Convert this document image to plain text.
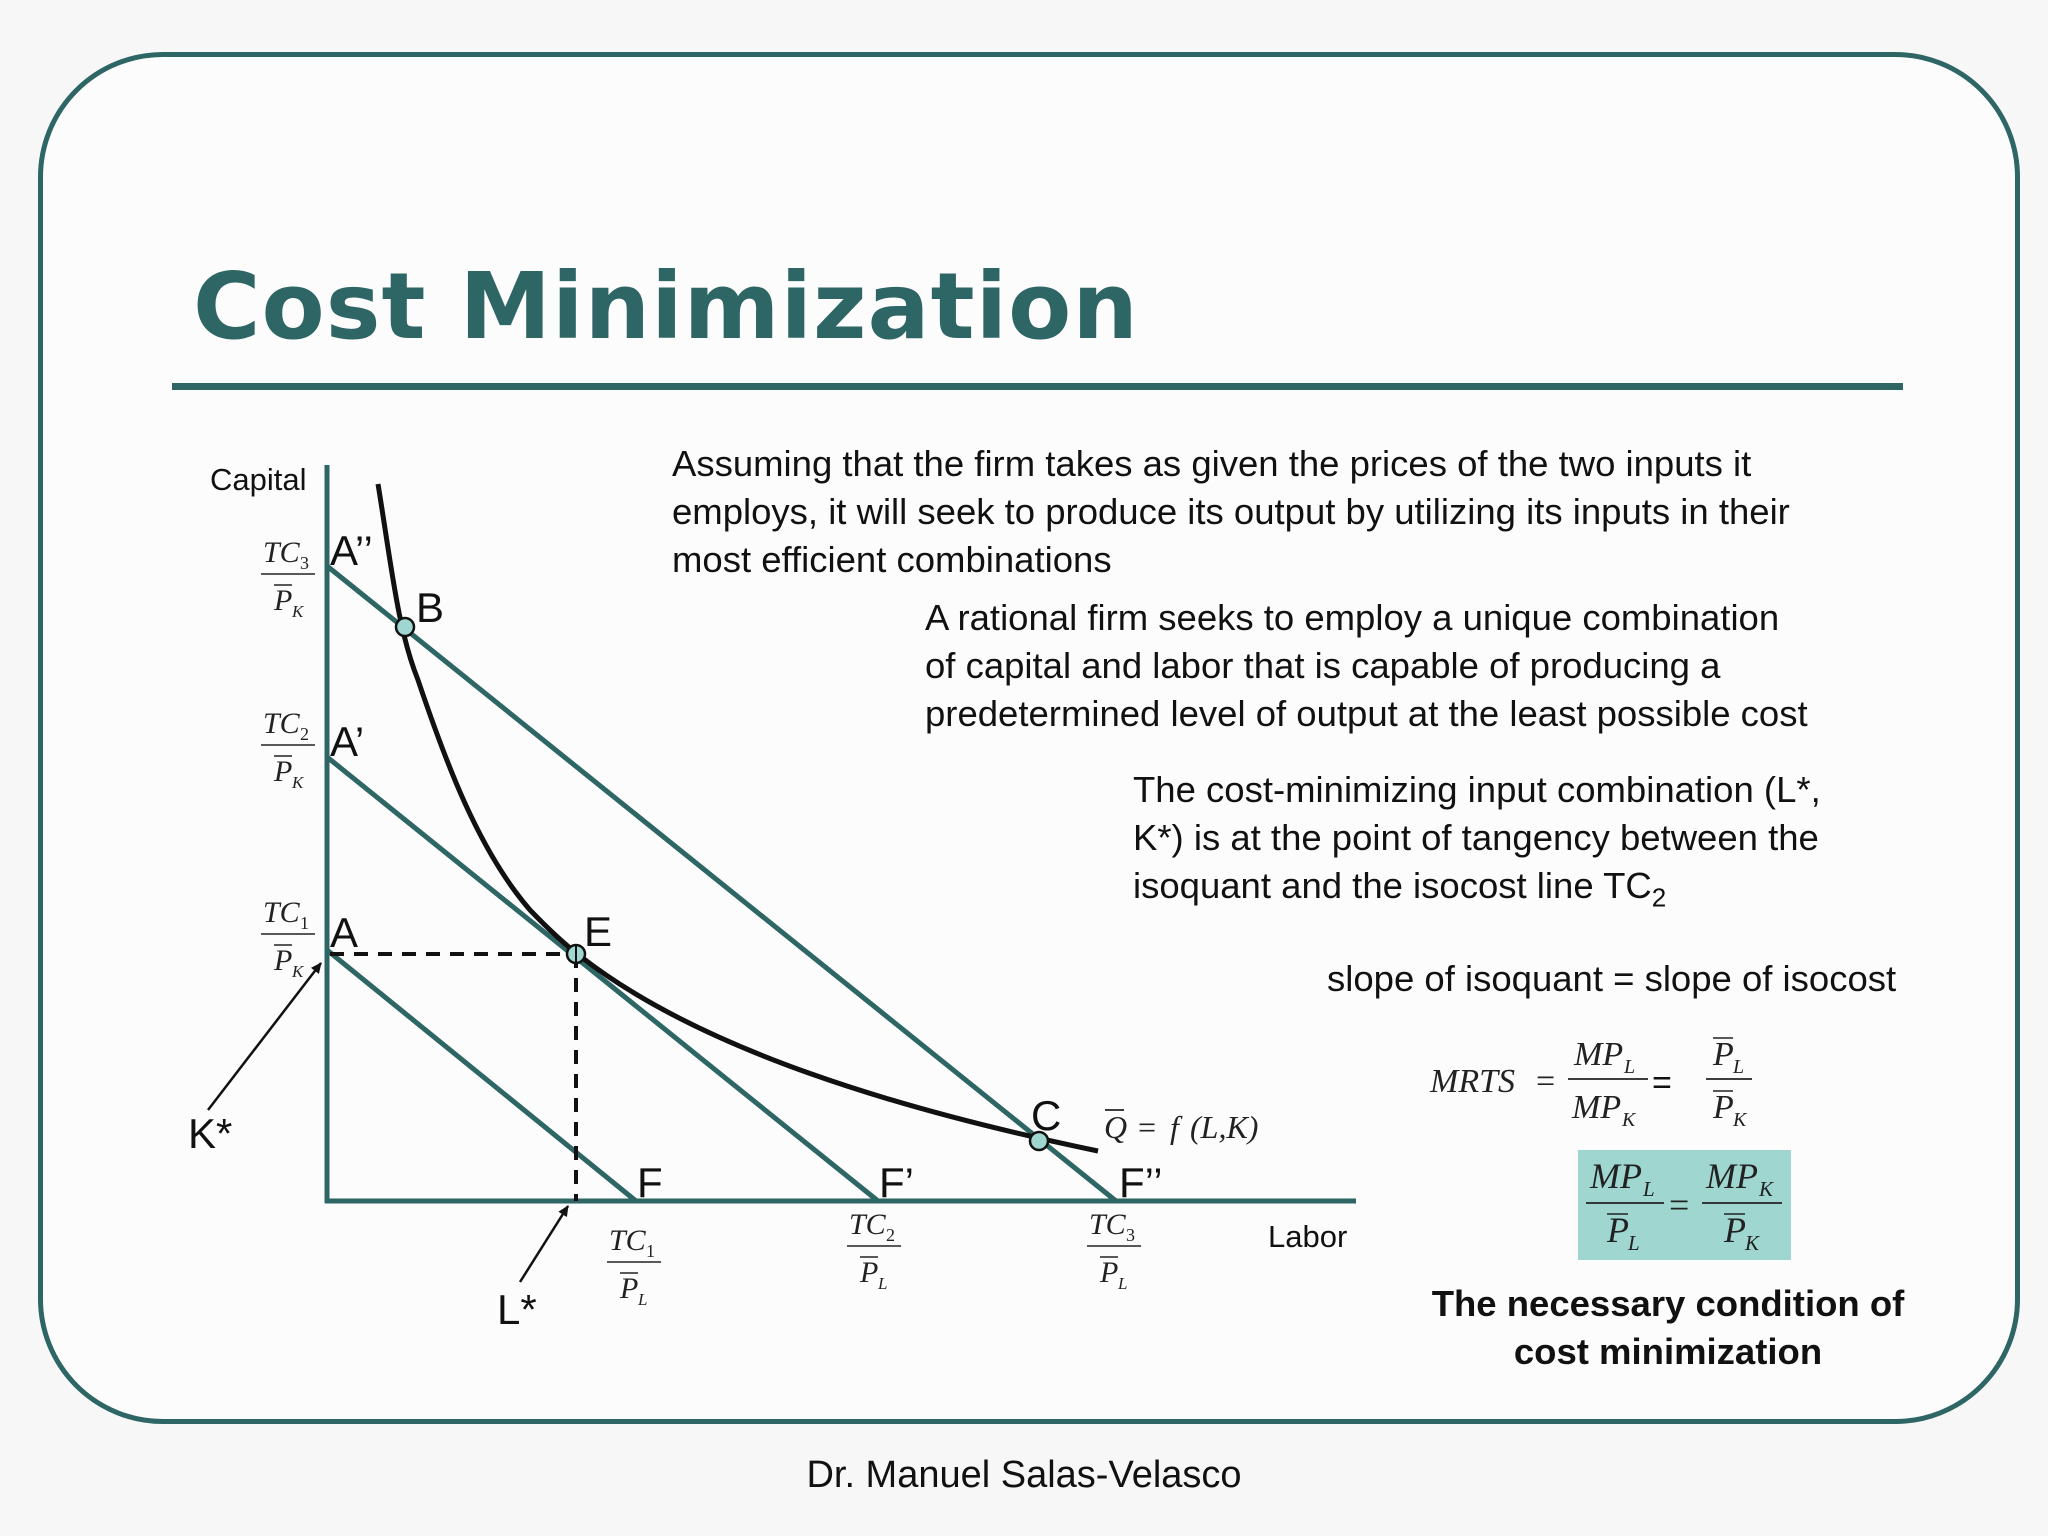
Cost Minimization
Assuming that the firm takes as given the prices of the two inputs it
employs, it will seek to produce its output by utilizing its inputs in their
most efficient combinations
A rational firm seeks to employ a unique combination
of capital and labor that is capable of producing a
predetermined level of output at the least possible cost
The cost-minimizing input combination (L*,
K*) is at the point of tangency between the
isoquant and the isocost line $TC_2$
slope of isoquant = slope of isocost
The necessary condition of
cost minimization
Dr. Manuel Salas-Velasco
Capital
Labor
A’’
B
A’
A	E
C
F	F’	F’’
K*
L*
Q = f (L,K)
TC 3
P K
TC 2
P K
TC 1
P K
TC 1
P L
TC 2
P L
TC 3
P L
MRTS =
MP L
MP K
=
P L
P K
MP L
P L
=
MP K
P K
